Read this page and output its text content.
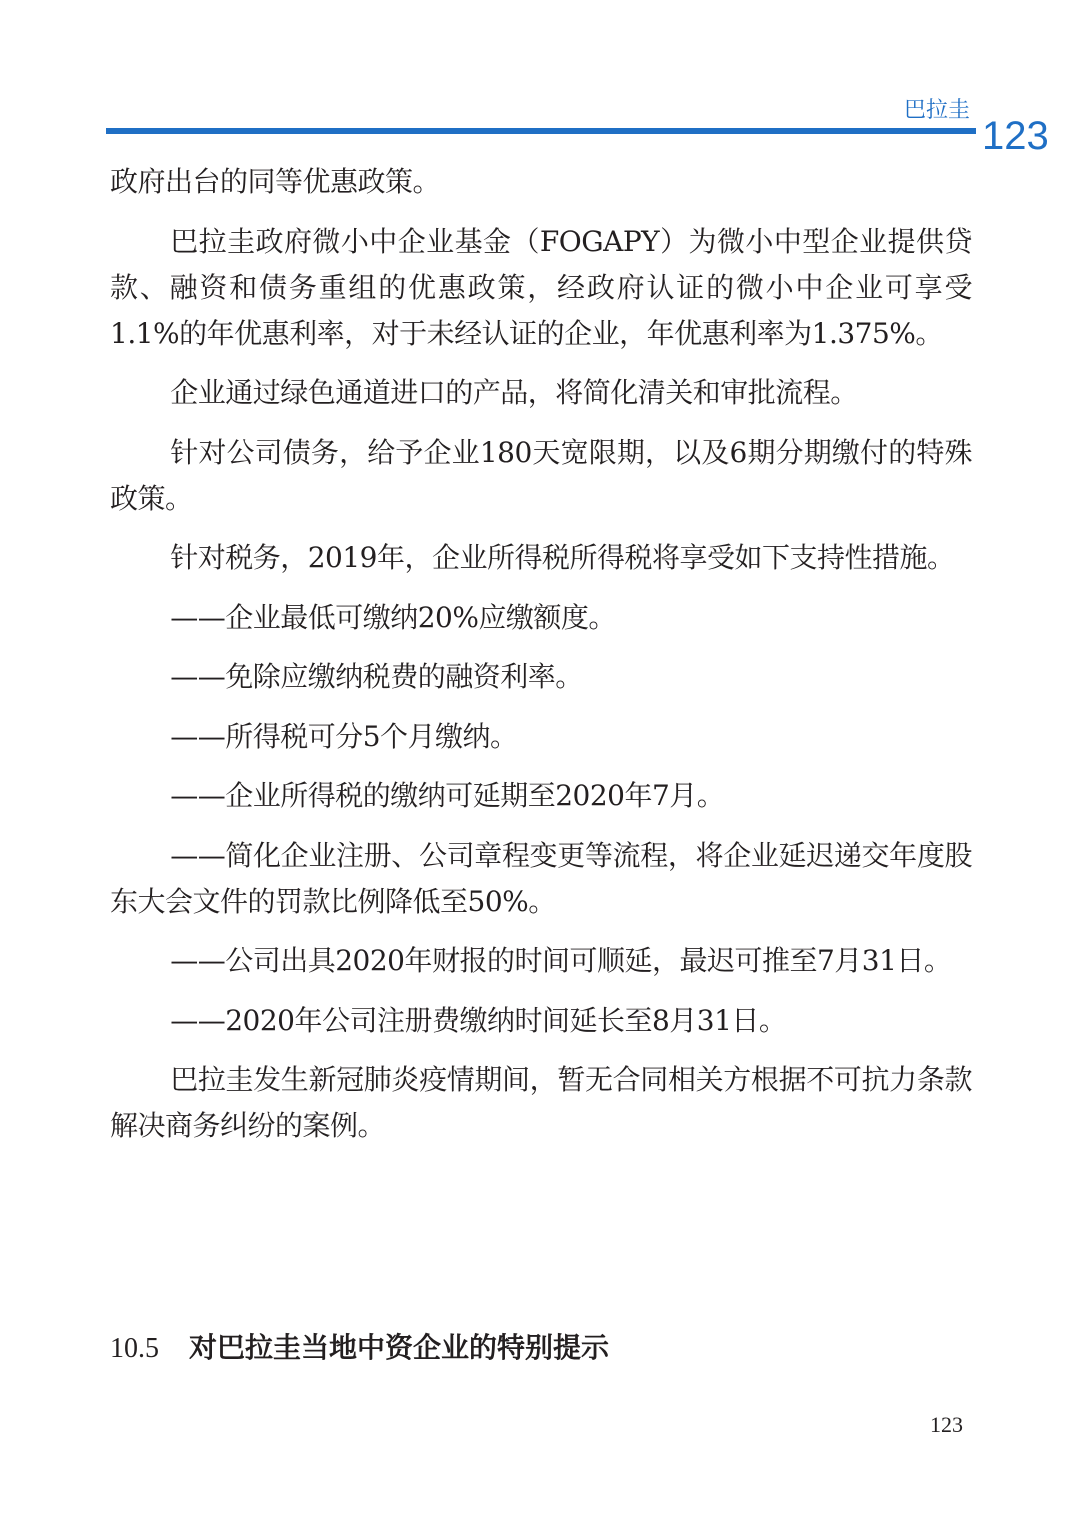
巴拉圭
123

政府出台的同等优惠政策。

巴拉圭政府微小中企业基金（FOGAPY）为微小中型企业提供贷款、融资和债务重组的优惠政策，经政府认证的微小中企业可享受1.1%的年优惠利率，对于未经认证的企业，年优惠利率为1.375%。

企业通过绿色通道进口的产品，将简化清关和审批流程。

针对公司债务，给予企业180天宽限期，以及6期分期缴付的特殊政策。

针对税务，2019年，企业所得税所得税将享受如下支持性措施。

——企业最低可缴纳20%应缴额度。

——免除应缴纳税费的融资利率。

——所得税可分5个月缴纳。

——企业所得税的缴纳可延期至2020年7月。

——简化企业注册、公司章程变更等流程，将企业延迟递交年度股东大会文件的罚款比例降低至50%。

——公司出具2020年财报的时间可顺延，最迟可推至7月31日。

——2020年公司注册费缴纳时间延长至8月31日。

巴拉圭发生新冠肺炎疫情期间，暂无合同相关方根据不可抗力条款解决商务纠纷的案例。

10.5 对巴拉圭当地中资企业的特别提示
123
